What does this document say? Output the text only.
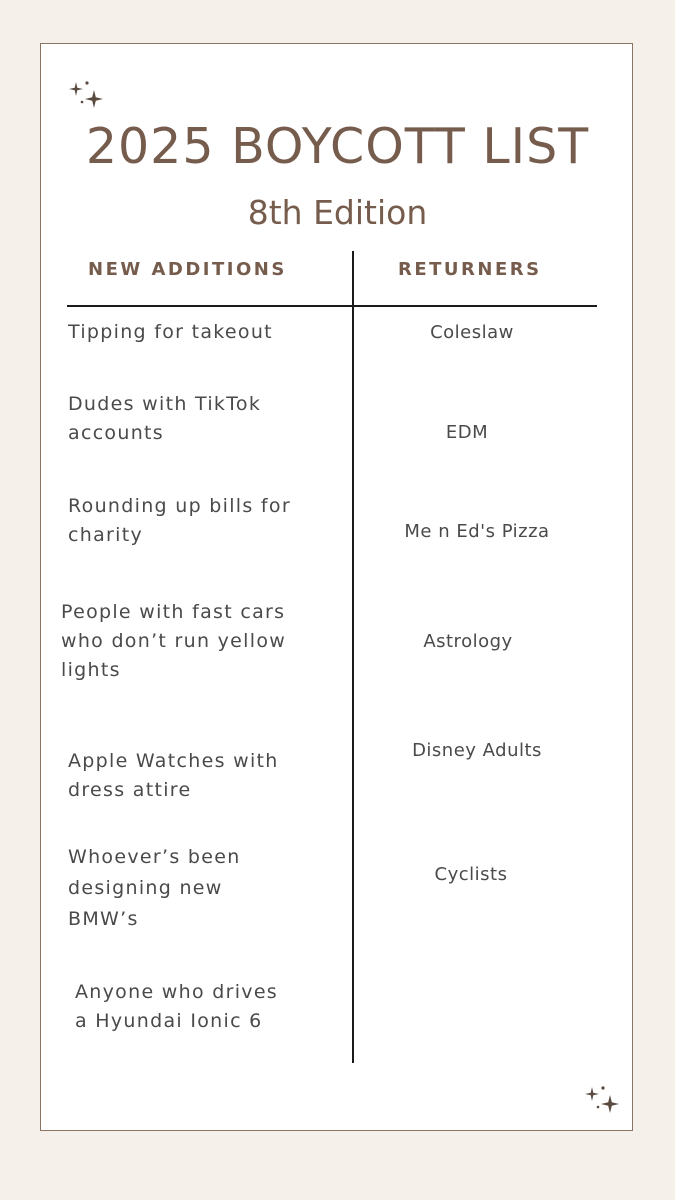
2025 BOYCOTT LIST
8th Edition
NEW ADDITIONS	RETURNERS
Tipping for takeout
Dudes with TikTok
accounts
Rounding up bills for
charity
People with fast cars
who don’t run yellow
lights
Apple Watches with
dress attire
Whoever’s been
designing new
BMW’s
Anyone who drives
a Hyundai Ionic 6
Coleslaw
EDM
Me n Ed's Pizza
Astrology
Disney Adults
Cyclists
